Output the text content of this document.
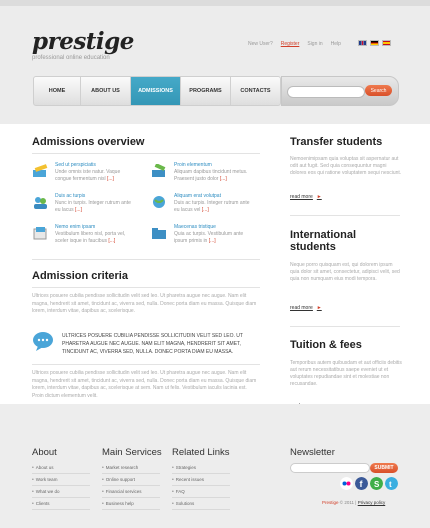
prestige
professional online education
New User? Register Sign in Help
HOME	ABOUT US	ADMISSIONS	PROGRAMS	CONTACTS	Search
Admissions overview
Sed ut perspiciatis
Unde omnis iste natur. Vaque congue fermentum nisl [...]
Proin elementum
Aliquam dapibus tincidunt metus. Praesent justo dolor [...]
Duis ac turpis
Nunc in turpis. Integer rutrum ante eu lacus [...]
Aliquam erat volutpat
Duis ac turpis. Integer rutrum ante eu lacus vel [...]
Nemo enim ipsam
Vestibulum libero nisl, porta vel, sceler isque in faucibus [...]
Maecenas tristique
Quia ac turpis. Vestibulum ante ipsum primis in [...]
Admission criteria
Ultrices posuere cubilia pendisse sollicitudin velit sed leo. Ut pharetra augue nec augue. Nam elit magna, hendrerit sit amet, tincidunt ac, viverra sed, nulla. Donec porta diam eu massa. Quisque diam lorem, interdum vitae, dapibus ac, scelerisque.
ULTRICES POSUERE CUBILIA PENDISSE SOLLICITUDIN VELIT SED LEO. UT PHARETRA AUGUE NEC AUGUE. NAM ELIT MAGNA, HENDRERIT SIT AMET, TINCIDUNT AC, VIVERRA SED, NULLA. DONEC PORTA DIAM EU MASSA.
Ultrices posuere cubilia pendisse sollicitudin velit sed leo. Ut pharetra augue nec augue. Nam elit magna, hendrerit sit amet, tincidunt ac, viverra sed, nulla. Donec porta diam eu massa. Quisque diam lorem, interdum vitae, dapibus ac, scelerisque at sem. Nam ut felis. Vestibulum iaculis lacinia est. Proin dictum elementum velit.
Transfer students
Nemoenimipsam quia voluptas sit aspernatur aut odit aut fugit. Sed quia consequuntur magni dolores eos qui ratione voluptatem sequi nesciunt.
read more ►
International students
Neque porro quisquam est, qui dolorem ipsum quia dolor sit amet, consectetur, adipisci velit, sed quia non numquam eius modi tempora.
read more ►
Tuition & fees
Temporibus autem quibusdam et aut officiis debitis aut rerum necessitatibus saepe eveniet ut et voluptates repudiandae sint et molestiae non recusandae.
About
• About us
• Work team
• What we do
• Clients
Main Services
• Market research
• Online support
• Financial services
• Business help
Related Links
• Strategies
• Recent issues
• FAQ
• Solutions
Newsletter
SUBMIT
f S t
Prestige © 2011 | Privacy policy
